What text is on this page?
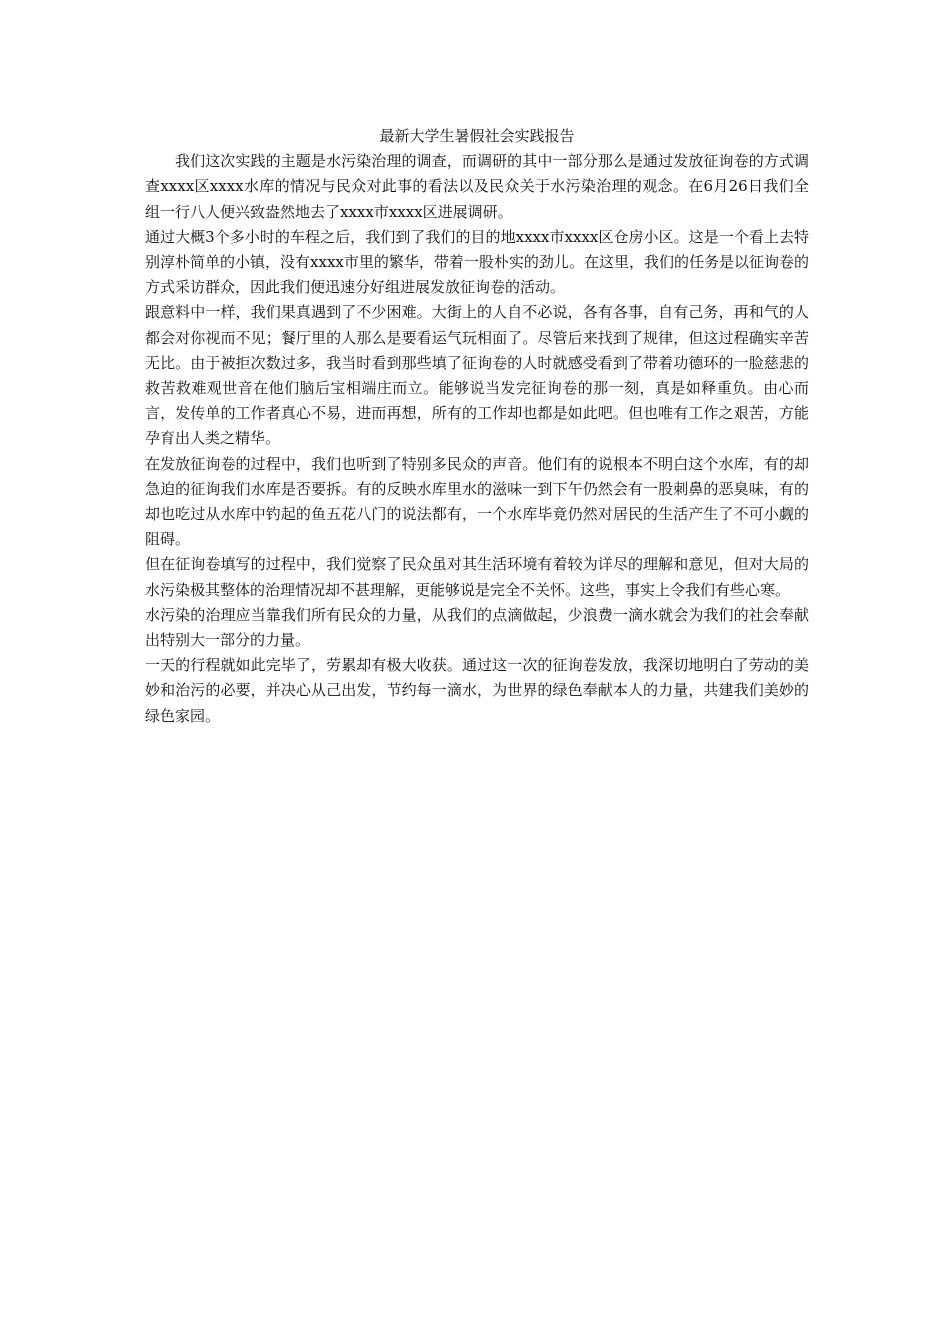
最新大学生暑假社会实践报告

我们这次实践的主题是水污染治理的调查，而调研的其中一部分那么是通过发放征询卷的方式调查xxxx区xxxx水库的情况与民众对此事的看法以及民众关于水污染治理的观念。在6月26日我们全组一行八人便兴致盎然地去了xxxx市xxxx区进展调研。

通过大概3个多小时的车程之后，我们到了我们的目的地xxxx市xxxx区仓房小区。这是一个看上去特别淳朴简单的小镇，没有xxxx市里的繁华，带着一股朴实的劲儿。在这里，我们的任务是以征询卷的方式采访群众，因此我们便迅速分好组进展发放征询卷的活动。

跟意料中一样，我们果真遇到了不少困难。大街上的人自不必说，各有各事，自有己务，再和气的人都会对你视而不见；餐厅里的人那么是要看运气玩相面了。尽管后来找到了规律，但这过程确实辛苦无比。由于被拒次数过多，我当时看到那些填了征询卷的人时就感受看到了带着功德环的一脸慈悲的救苦救难观世音在他们脑后宝相端庄而立。能够说当发完征询卷的那一刻，真是如释重负。由心而言，发传单的工作者真心不易，进而再想，所有的工作却也都是如此吧。但也唯有工作之艰苦，方能孕育出人类之精华。

在发放征询卷的过程中，我们也听到了特别多民众的声音。他们有的说根本不明白这个水库，有的却急迫的征询我们水库是否要拆。有的反映水库里水的滋味一到下午仍然会有一股刺鼻的恶臭味，有的却也吃过从水库中钓起的鱼五花八门的说法都有，一个水库毕竟仍然对居民的生活产生了不可小觑的阻碍。

但在征询卷填写的过程中，我们觉察了民众虽对其生活环境有着较为详尽的理解和意见，但对大局的水污染极其整体的治理情况却不甚理解，更能够说是完全不关怀。这些，事实上令我们有些心寒。

水污染的治理应当靠我们所有民众的力量，从我们的点滴做起，少浪费一滴水就会为我们的社会奉献出特别大一部分的力量。

一天的行程就如此完毕了，劳累却有极大收获。通过这一次的征询卷发放，我深切地明白了劳动的美妙和治污的必要，并决心从己出发，节约每一滴水，为世界的绿色奉献本人的力量，共建我们美妙的绿色家园。
